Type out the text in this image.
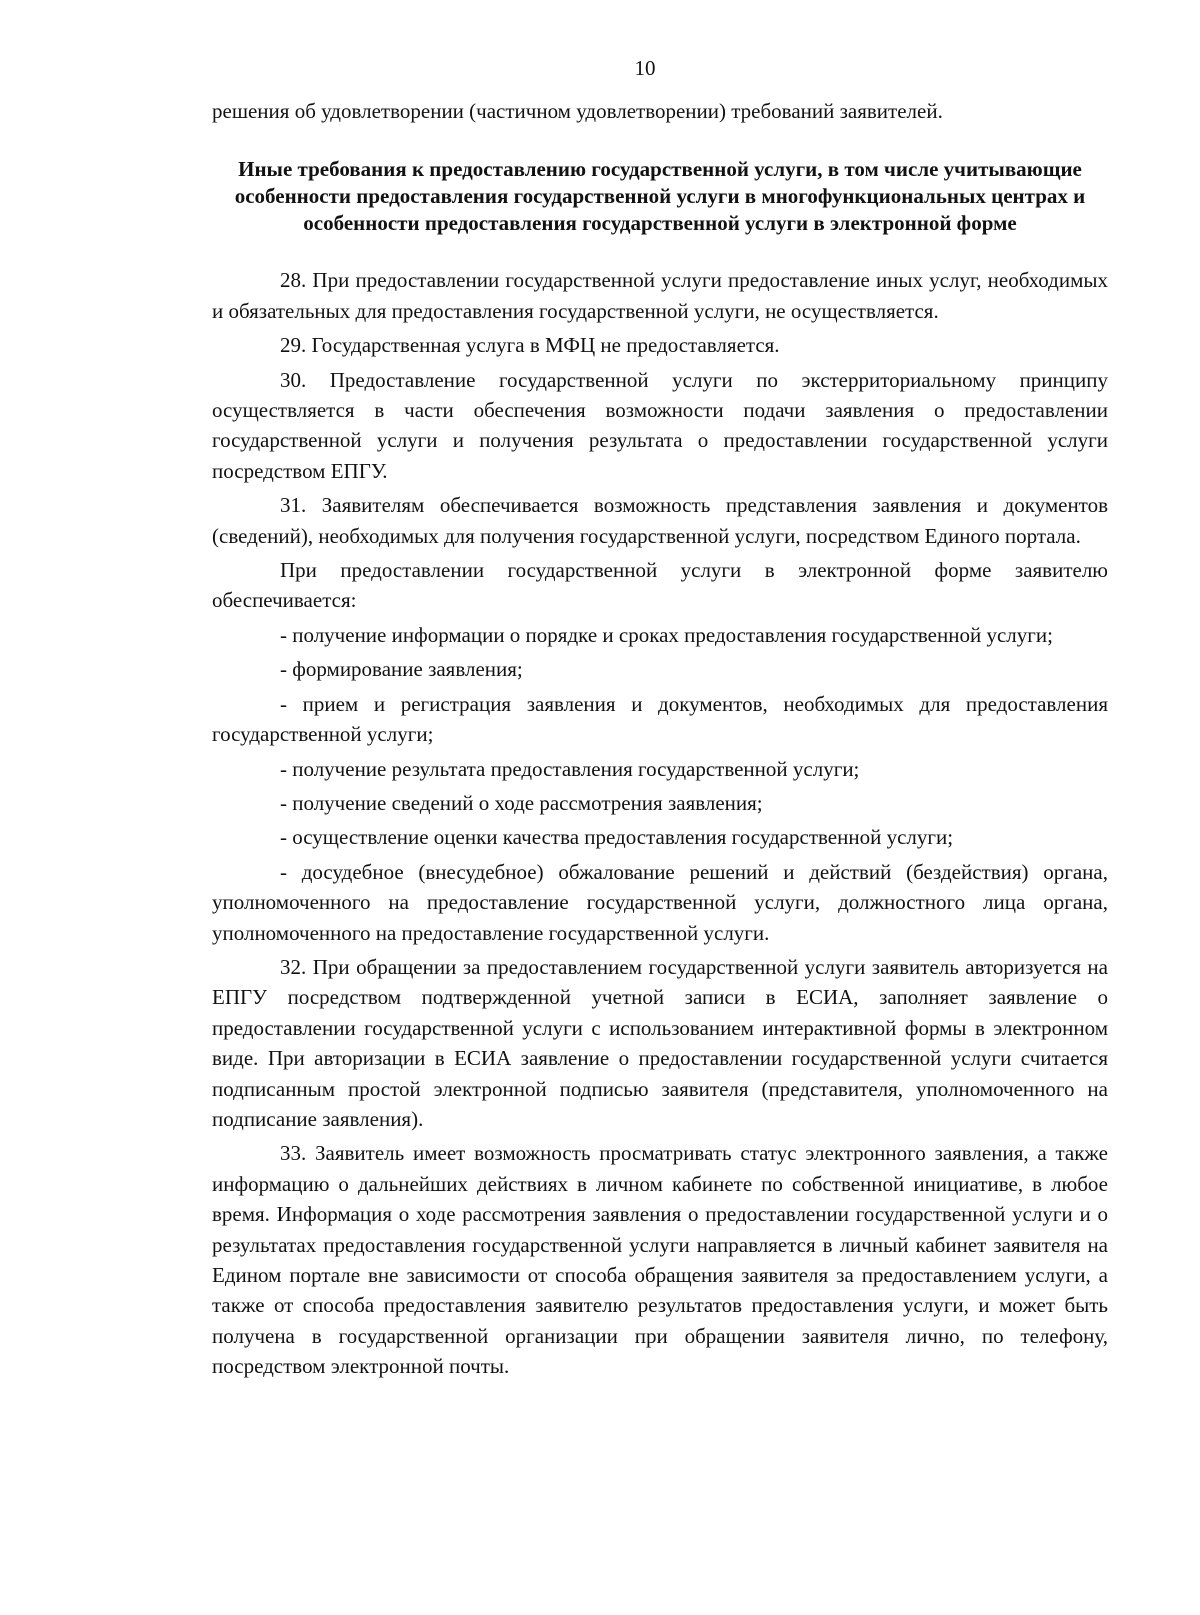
10

решения об удовлетворении (частичном удовлетворении) требований заявителей.

Иные требования к предоставлению государственной услуги, в том числе учитывающие особенности предоставления государственной услуги в многофункциональных центрах и особенности предоставления государственной услуги в электронной форме

28. При предоставлении государственной услуги предоставление иных услуг, необходимых и обязательных для предоставления государственной услуги, не осуществляется.

29. Государственная услуга в МФЦ не предоставляется.

30. Предоставление государственной услуги по экстерриториальному принципу осуществляется в части обеспечения возможности подачи заявления о предоставлении государственной услуги и получения результата о предоставлении государственной услуги посредством ЕПГУ.

31. Заявителям обеспечивается возможность представления заявления и документов (сведений), необходимых для получения государственной услуги, посредством Единого портала.

При предоставлении государственной услуги в электронной форме заявителю обеспечивается:

- получение информации о порядке и сроках предоставления государственной услуги;

- формирование заявления;

- прием и регистрация заявления и документов, необходимых для предоставления государственной услуги;

- получение результата предоставления государственной услуги;

- получение сведений о ходе рассмотрения заявления;

- осуществление оценки качества предоставления государственной услуги;

- досудебное (внесудебное) обжалование решений и действий (бездействия) органа, уполномоченного на предоставление государственной услуги, должностного лица органа, уполномоченного на предоставление государственной услуги.

32. При обращении за предоставлением государственной услуги заявитель авторизуется на ЕПГУ посредством подтвержденной учетной записи в ЕСИА, заполняет заявление о предоставлении государственной услуги с использованием интерактивной формы в электронном виде. При авторизации в ЕСИА заявление о предоставлении государственной услуги считается подписанным простой электронной подписью заявителя (представителя, уполномоченного на подписание заявления).

33. Заявитель имеет возможность просматривать статус электронного заявления, а также информацию о дальнейших действиях в личном кабинете по собственной инициативе, в любое время. Информация о ходе рассмотрения заявления о предоставлении государственной услуги и о результатах предоставления государственной услуги направляется в личный кабинет заявителя на Едином портале вне зависимости от способа обращения заявителя за предоставлением услуги, а также от способа предоставления заявителю результатов предоставления услуги, и может быть получена в государственной организации при обращении заявителя лично, по телефону, посредством электронной почты.
